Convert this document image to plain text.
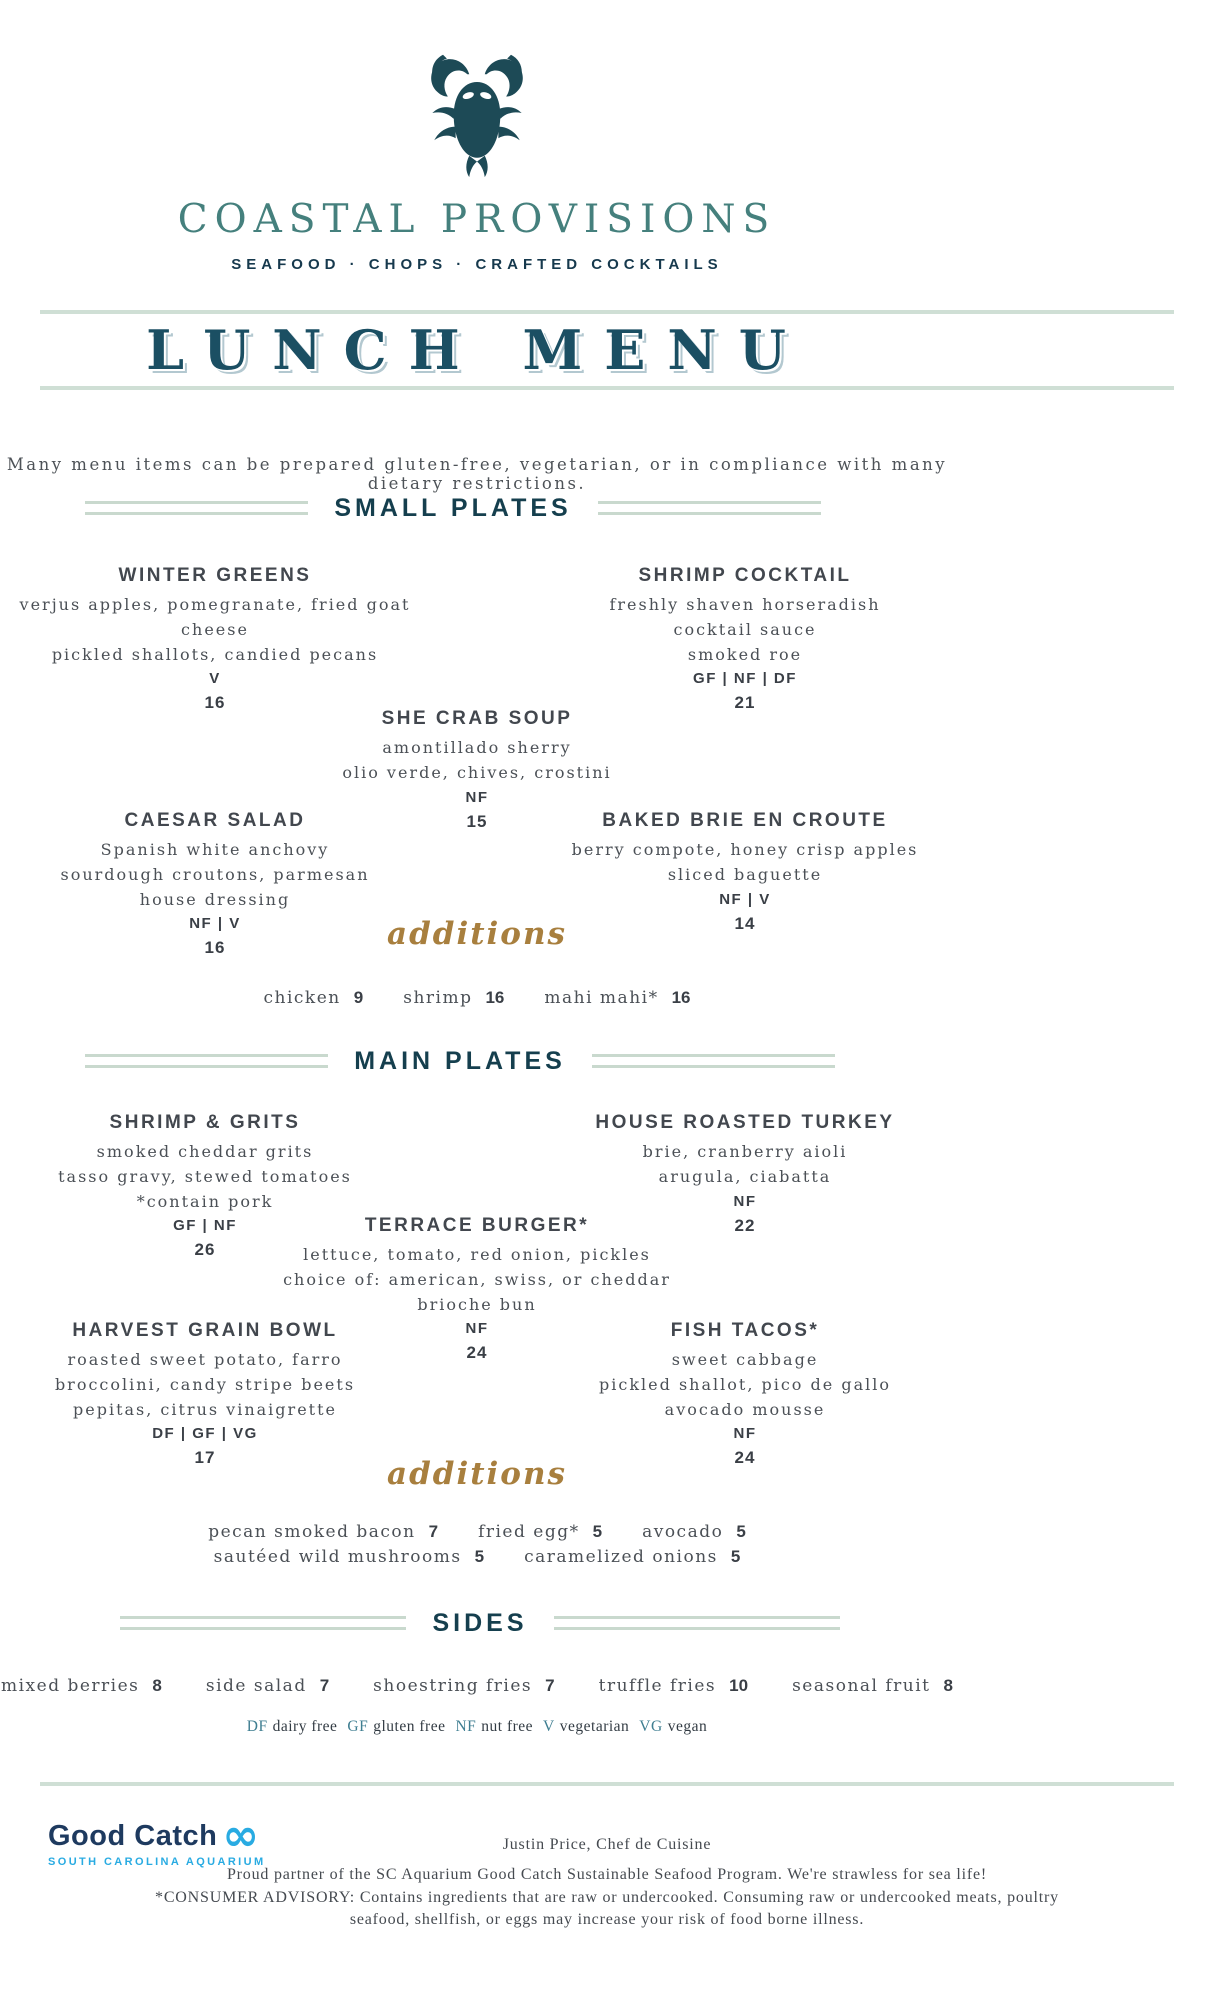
COASTAL PROVISIONS
SEAFOOD · CHOPS · CRAFTED COCKTAILS
LUNCH MENU

Many menu items can be prepared gluten-free, vegetarian, or in compliance with many dietary restrictions.

SMALL PLATES
WINTER GREENS
verjus apples, pomegranate, fried goat cheese
pickled shallots, candied pecans
V
16
SHRIMP COCKTAIL
freshly shaven horseradish
cocktail sauce
smoked roe
GF | NF | DF
21
SHE CRAB SOUP
amontillado sherry
olio verde, chives, crostini
NF
15
CAESAR SALAD
Spanish white anchovy
sourdough croutons, parmesan
house dressing
NF | V
16
BAKED BRIE EN CROUTE
berry compote, honey crisp apples
sliced baguette
NF | V
14
additions
chicken 9 shrimp 16 mahi mahi* 16
MAIN PLATES
SHRIMP & GRITS
smoked cheddar grits
tasso gravy, stewed tomatoes
*contain pork
GF | NF
26
HOUSE ROASTED TURKEY
brie, cranberry aioli
arugula, ciabatta
NF
22
TERRACE BURGER*
lettuce, tomato, red onion, pickles
choice of: american, swiss, or cheddar
brioche bun
NF
24
HARVEST GRAIN BOWL
roasted sweet potato, farro
broccolini, candy stripe beets
pepitas, citrus vinaigrette
DF | GF | VG
17
FISH TACOS*
sweet cabbage
pickled shallot, pico de gallo
avocado mousse
NF
24
additions
pecan smoked bacon 7 fried egg* 5 avocado 5
sautéed wild mushrooms 5 caramelized onions 5
SIDES
mixed berries 8	side salad 7	shoestring fries 7	truffle fries 10	seasonal fruit 8
DF dairy free GF gluten free NF nut free V vegetarian VG vegan
Good Catch ∞
SOUTH CAROLINA AQUARIUM
Justin Price, Chef de Cuisine
Proud partner of the SC Aquarium Good Catch Sustainable Seafood Program. We're strawless for sea life!
*CONSUMER ADVISORY: Contains ingredients that are raw or undercooked. Consuming raw or undercooked meats, poultry
seafood, shellfish, or eggs may increase your risk of food borne illness.
